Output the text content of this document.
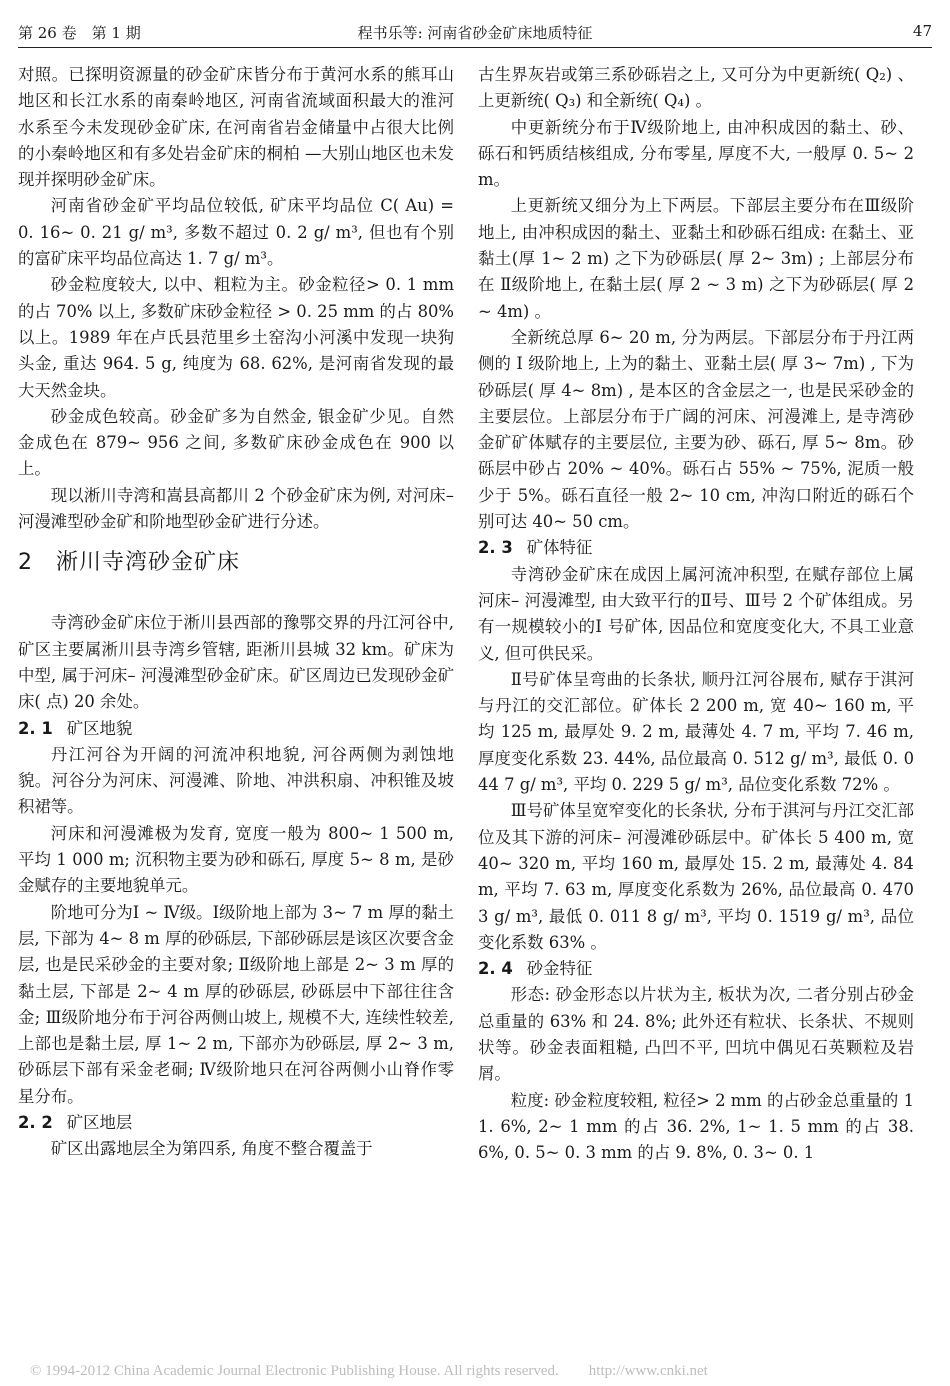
第 26 卷　第 1 期	程书乐等: 河南省砂金矿床地质特征	47

对照。已探明资源量的砂金矿床皆分布于黄河水系的熊耳山地区和长江水系的南秦岭地区, 河南省流域面积最大的淮河水系至今未发现砂金矿床, 在河南省岩金储量中占很大比例的小秦岭地区和有多处岩金矿床的桐柏 —大别山地区也未发现并探明砂金矿床。

河南省砂金矿平均品位较低, 矿床平均品位 C( Au) = 0. 16~ 0. 21 g/ m³, 多数不超过 0. 2 g/ m³, 但也有个别的富矿床平均品位高达 1. 7 g/ m³。

砂金粒度较大, 以中、粗粒为主。砂金粒径> 0. 1 mm的占 70% 以上, 多数矿床砂金粒径 > 0. 25 mm 的占 80% 以上。1989 年在卢氏县范里乡土窑沟小河溪中发现一块狗头金, 重达 964. 5 g, 纯度为 68. 62%, 是河南省发现的最大天然金块。

砂金成色较高。砂金矿多为自然金, 银金矿少见。自然金成色在 879~ 956 之间, 多数矿床砂金成色在 900 以上。

现以淅川寺湾和嵩县高都川 2 个砂金矿床为例, 对河床– 河漫滩型砂金矿和阶地型砂金矿进行分述。

2　淅川寺湾砂金矿床

寺湾砂金矿床位于淅川县西部的豫鄂交界的丹江河谷中, 矿区主要属淅川县寺湾乡管辖, 距淅川县城 32 km。矿床为中型, 属于河床– 河漫滩型砂金矿床。矿区周边已发现砂金矿床( 点) 20 余处。

2. 1 矿区地貌

丹江河谷为开阔的河流冲积地貌, 河谷两侧为剥蚀地貌。河谷分为河床、河漫滩、阶地、冲洪积扇、冲积锥及坡积裙等。

河床和河漫滩极为发育, 宽度一般为 800~ 1 500 m, 平均 1 000 m; 沉积物主要为砂和砾石, 厚度 5~ 8 m, 是砂金赋存的主要地貌单元。

阶地可分为Ⅰ ~ Ⅳ级。Ⅰ级阶地上部为 3~ 7 m 厚的黏土层, 下部为 4~ 8 m 厚的砂砾层, 下部砂砾层是该区次要含金层, 也是民采砂金的主要对象; Ⅱ级阶地上部是 2~ 3 m 厚的黏土层, 下部是 2~ 4 m 厚的砂砾层, 砂砾层中下部往往含金; Ⅲ级阶地分布于河谷两侧山坡上, 规模不大, 连续性较差, 上部也是黏土层, 厚 1~ 2 m, 下部亦为砂砾层, 厚 2~ 3 m, 砂砾层下部有采金老硐; Ⅳ级阶地只在河谷两侧小山脊作零星分布。

2. 2 矿区地层

矿区出露地层全为第四系, 角度不整合覆盖于

古生界灰岩或第三系砂砾岩之上, 又可分为中更新统( Q₂) 、上更新统( Q₃) 和全新统( Q₄) 。

中更新统分布于Ⅳ级阶地上, 由冲积成因的黏土、砂、砾石和钙质结核组成, 分布零星, 厚度不大, 一般厚 0. 5~ 2 m。

上更新统又细分为上下两层。下部层主要分布在Ⅲ级阶地上, 由冲积成因的黏土、亚黏土和砂砾石组成: 在黏土、亚黏土(厚 1~ 2 m) 之下为砂砾层( 厚 2~ 3m) ; 上部层分布在 Ⅱ级阶地上, 在黏土层( 厚 2 ~ 3 m) 之下为砂砾层( 厚 2~ 4m) 。

全新统总厚 6~ 20 m, 分为两层。下部层分布于丹江两侧的 Ⅰ 级阶地上, 上为的黏土、亚黏土层( 厚 3~ 7m) , 下为砂砾层( 厚 4~ 8m) , 是本区的含金层之一, 也是民采砂金的主要层位。上部层分布于广阔的河床、河漫滩上, 是寺湾砂金矿矿体赋存的主要层位, 主要为砂、砾石, 厚 5~ 8m。砂砾层中砂占 20% ~ 40%。砾石占 55% ~ 75%, 泥质一般少于 5%。砾石直径一般 2~ 10 cm, 冲沟口附近的砾石个别可达 40~ 50 cm。

2. 3 矿体特征

寺湾砂金矿床在成因上属河流冲积型, 在赋存部位上属河床– 河漫滩型, 由大致平行的Ⅱ号、Ⅲ号 2 个矿体组成。另有一规模较小的Ⅰ 号矿体, 因品位和宽度变化大, 不具工业意义, 但可供民采。

Ⅱ号矿体呈弯曲的长条状, 顺丹江河谷展布, 赋存于淇河与丹江的交汇部位。矿体长 2 200 m, 宽 40~ 160 m, 平均 125 m, 最厚处 9. 2 m, 最薄处 4. 7 m, 平均 7. 46 m, 厚度变化系数 23. 44%, 品位最高 0. 512 g/ m³, 最低 0. 044 7 g/ m³, 平均 0. 229 5 g/ m³, 品位变化系数 72% 。

Ⅲ号矿体呈宽窄变化的长条状, 分布于淇河与丹江交汇部位及其下游的河床– 河漫滩砂砾层中。矿体长 5 400 m, 宽 40~ 320 m, 平均 160 m, 最厚处 15. 2 m, 最薄处 4. 84 m, 平均 7. 63 m, 厚度变化系数为 26%, 品位最高 0. 470 3 g/ m³, 最低 0. 011 8 g/ m³, 平均 0. 1519 g/ m³, 品位变化系数 63% 。

2. 4 砂金特征

形态: 砂金形态以片状为主, 板状为次, 二者分别占砂金总重量的 63% 和 24. 8%; 此外还有粒状、长条状、不规则状等。砂金表面粗糙, 凸凹不平, 凹坑中偶见石英颗粒及岩屑。

粒度: 砂金粒度较粗, 粒径> 2 mm 的占砂金总重量的 11. 6%, 2~ 1 mm 的占 36. 2%, 1~ 1. 5 mm 的占 38. 6%, 0. 5~ 0. 3 mm 的占 9. 8%, 0. 3~ 0. 1

© 1994-2012 China Academic Journal Electronic Publishing House. All rights reserved.　　http://www.cnki.net
